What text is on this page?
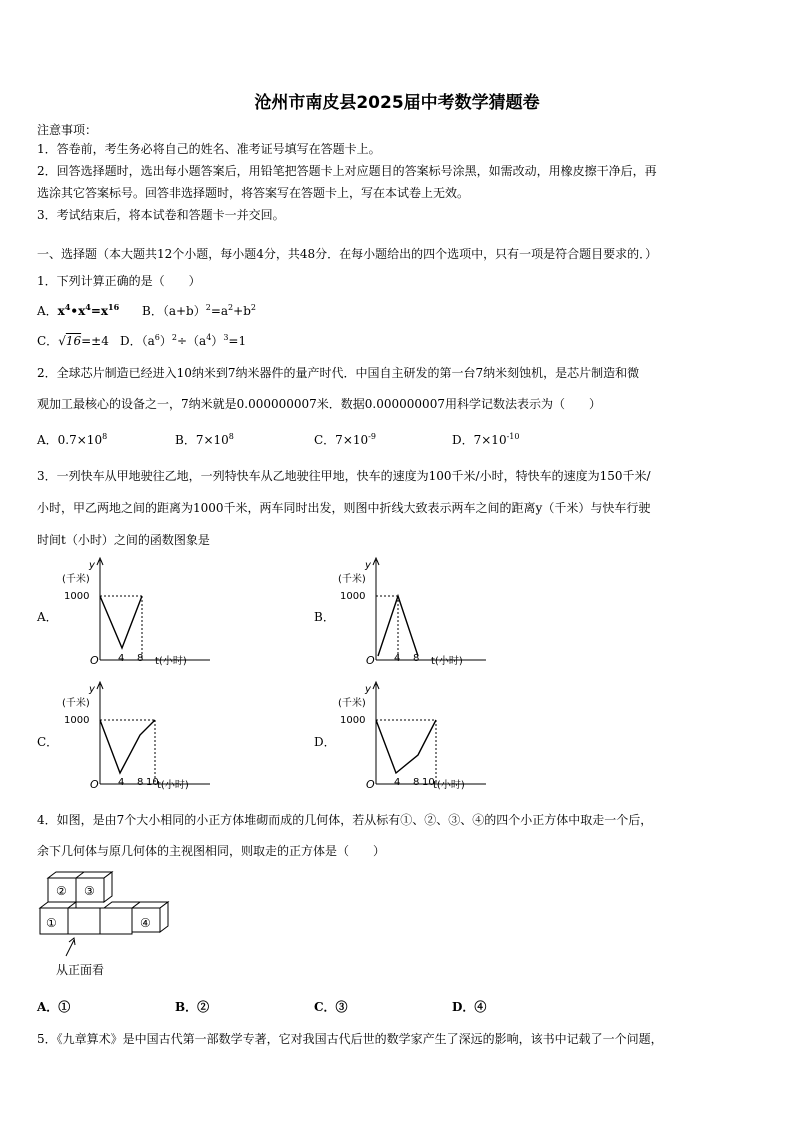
沧州市南皮县2025届中考数学猜题卷
注意事项：
1．答卷前，考生务必将自己的姓名、准考证号填写在答题卡上。
2．回答选择题时，选出每小题答案后，用铅笔把答题卡上对应题目的答案标号涂黑，如需改动，用橡皮擦干净后，再
选涂其它答案标号。回答非选择题时，将答案写在答题卡上，写在本试卷上无效。
3．考试结束后，将本试卷和答题卡一并交回。
一、选择题（本大题共12个小题，每小题4分，共48分．在每小题给出的四个选项中，只有一项是符合题目要求的．）
1．下列计算正确的是（　　）
A．$x^4•x^4=x^{16}$ B．$(a+b)^2=a^2+b^2$
C．√16=±4 D．$(a^6)^2\div(a^4)^3=1$
2．全球芯片制造已经进入10纳米到7纳米器件的量产时代．中国自主研发的第一台7纳米刻蚀机，是芯片制造和微
观加工最核心的设备之一，7纳米就是0.000000007米．数据0.000000007用科学记数法表示为（　　）
A．$0.7\times 10^8$	B．$7\times 10^8$	C．$7\times 10^{-9}$	D．$7\times 10^{-10}$
3．一列快车从甲地驶往乙地，一列特快车从乙地驶往甲地，快车的速度为100千米/小时，特快车的速度为150千米/
小时，甲乙两地之间的距离为1000千米，两车同时出发，则图中折线大致表示两车之间的距离y（千米）与快车行驶
时间t（小时）之间的函数图象是
A．	B．
C．	D．
y
(千米)
1000
O 4 8 t(小时)
y
(千米)
1000
O 4 8 t(小时)
y
(千米)
1000
O 4 8 10
t(小时)
y
(千米)
1000
O 4 8 10
t(小时)
4．如图，是由7个大小相同的小正方体堆砌而成的几何体，若从标有①、②、③、④的四个小正方体中取走一个后，
余下几何体与原几何体的主视图相同，则取走的正方体是（　　）
② ③
①	④
从正面看
A．①	B．②	C．③	D．④
5．《九章算术》是中国古代第一部数学专著，它对我国古代后世的数学家产生了深远的影响，该书中记载了一个问题，
